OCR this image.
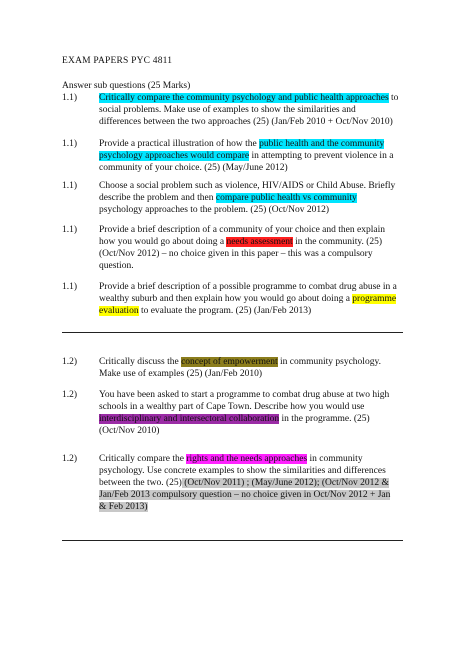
EXAM PAPERS PYC 4811
Answer sub questions (25 Marks)
1.1)	Critically compare the community psychology and public health approaches to
social problems. Make use of examples to show the similarities and
differences between the two approaches (25) (Jan/Feb 2010 + Oct/Nov 2010)
1.1)	Provide a practical illustration of how the public health and the community
psychology approaches would compare in attempting to prevent violence in a
community of your choice. (25) (May/June 2012)
1.1)	Choose a social problem such as violence, HIV/AIDS or Child Abuse. Briefly
describe the problem and then compare public health vs community
psychology approaches to the problem. (25) (Oct/Nov 2012)
1.1)	Provide a brief description of a community of your choice and then explain
how you would go about doing a needs assessment in the community. (25)
(Oct/Nov 2012) – no choice given in this paper – this was a compulsory
question.
1.1)	Provide a brief description of a possible programme to combat drug abuse in a
wealthy suburb and then explain how you would go about doing a programme
evaluation to evaluate the program. (25) (Jan/Feb 2013)
1.2)	Critically discuss the concept of empowerment in community psychology.
Make use of examples (25) (Jan/Feb 2010)
1.2)	You have been asked to start a programme to combat drug abuse at two high
schools in a wealthy part of Cape Town. Describe how you would use
interdisciplinary and intersectoral collaboration in the programme. (25)
(Oct/Nov 2010)
1.2)	Critically compare the rights and the needs approaches in community
psychology. Use concrete examples to show the similarities and differences
between the two. (25) (Oct/Nov 2011) ; (May/June 2012); (Oct/Nov 2012 &
Jan/Feb 2013 compulsory question – no choice given in Oct/Nov 2012 + Jan
& Feb 2013)
